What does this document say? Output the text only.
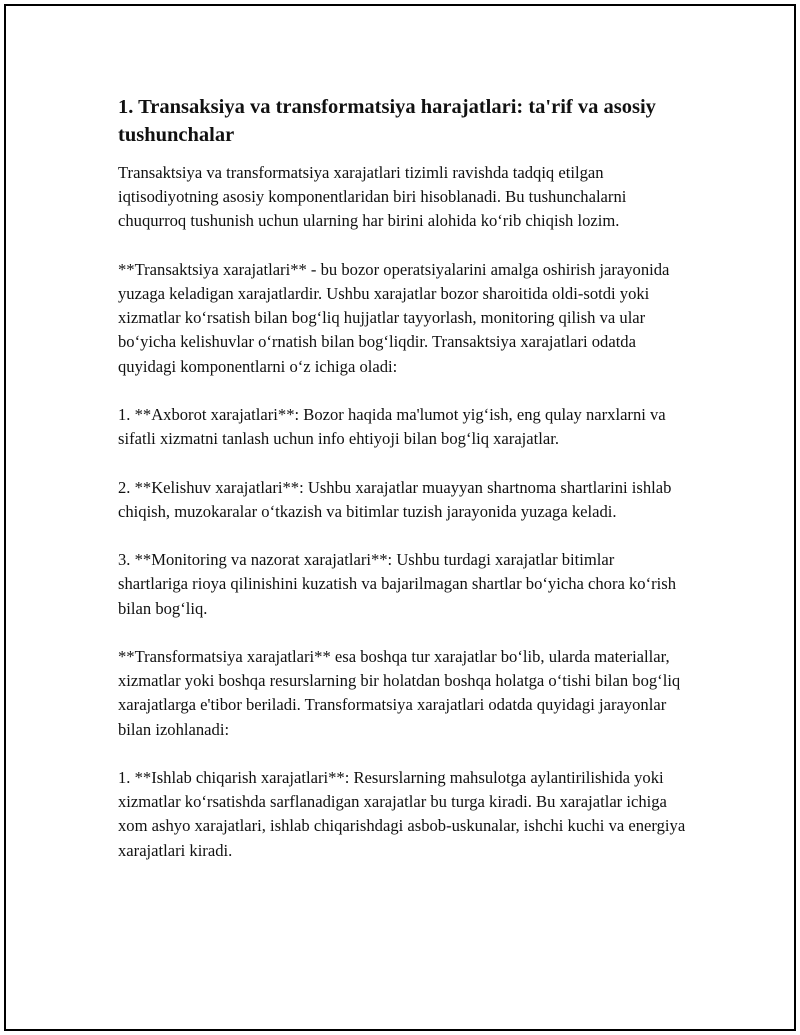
1. Transaksiya va transformatsiya harajatlari: ta'rif va asosiy tushunchalar

Transaktsiya va transformatsiya xarajatlari tizimli ravishda tadqiq etilgan iqtisodiyotning asosiy komponentlaridan biri hisoblanadi. Bu tushunchalarni chuqurroq tushunish uchun ularning har birini alohida ko‘rib chiqish lozim.

**Transaktsiya xarajatlari** - bu bozor operatsiyalarini amalga oshirish jarayonida yuzaga keladigan xarajatlardir. Ushbu xarajatlar bozor sharoitida oldi-sotdi yoki xizmatlar ko‘rsatish bilan bog‘liq hujjatlar tayyorlash, monitoring qilish va ular bo‘yicha kelishuvlar o‘rnatish bilan bog‘liqdir. Transaktsiya xarajatlari odatda quyidagi komponentlarni o‘z ichiga oladi:

1. **Axborot xarajatlari**: Bozor haqida ma'lumot yig‘ish, eng qulay narxlarni va sifatli xizmatni tanlash uchun info ehtiyoji bilan bog‘liq xarajatlar.

2. **Kelishuv xarajatlari**: Ushbu xarajatlar muayyan shartnoma shartlarini ishlab chiqish, muzokaralar o‘tkazish va bitimlar tuzish jarayonida yuzaga keladi.

3. **Monitoring va nazorat xarajatlari**: Ushbu turdagi xarajatlar bitimlar shartlariga rioya qilinishini kuzatish va bajarilmagan shartlar bo‘yicha chora ko‘rish bilan bog‘liq.

**Transformatsiya xarajatlari** esa boshqa tur xarajatlar bo‘lib, ularda materiallar, xizmatlar yoki boshqa resurslarning bir holatdan boshqa holatga o‘tishi bilan bog‘liq xarajatlarga e'tibor beriladi. Transformatsiya xarajatlari odatda quyidagi jarayonlar bilan izohlanadi:

1. **Ishlab chiqarish xarajatlari**: Resurslarning mahsulotga aylantirilishida yoki xizmatlar ko‘rsatishda sarflanadigan xarajatlar bu turga kiradi. Bu xarajatlar ichiga xom ashyo xarajatlari, ishlab chiqarishdagi asbob-uskunalar, ishchi kuchi va energiya xarajatlari kiradi.
